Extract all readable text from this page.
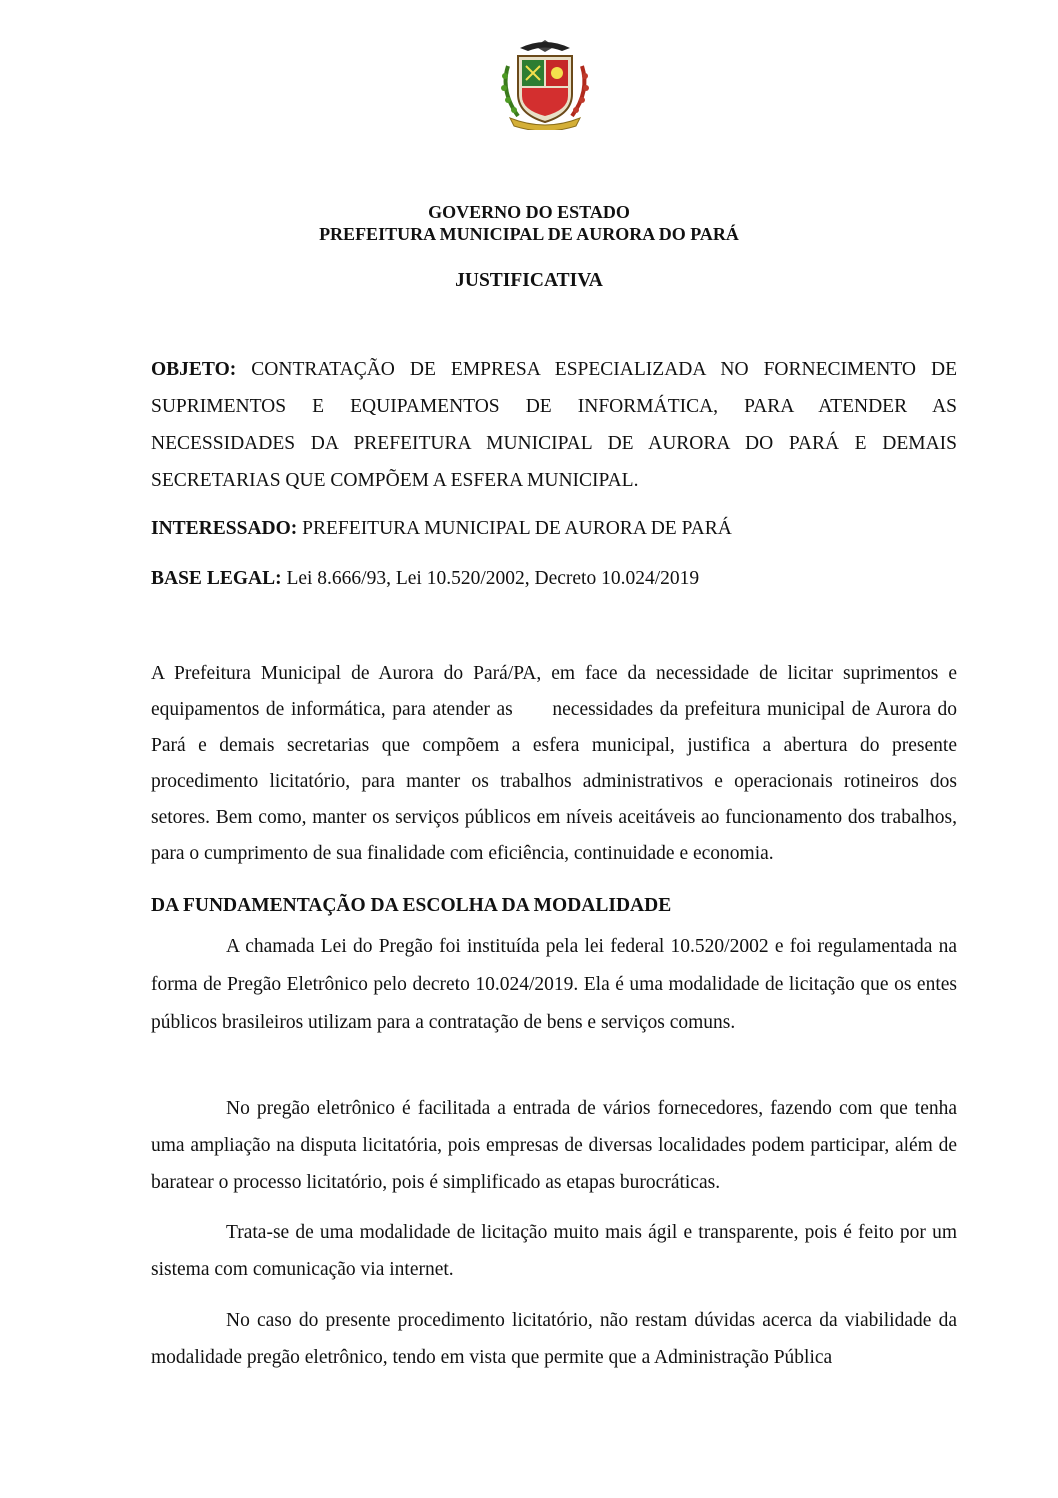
GOVERNO DO ESTADO
PREFEITURA MUNICIPAL DE AURORA DO PARÁ
JUSTIFICATIVA
OBJETO: CONTRATAÇÃO DE EMPRESA ESPECIALIZADA NO FORNECIMENTO DE SUPRIMENTOS E EQUIPAMENTOS DE INFORMÁTICA, PARA ATENDER AS NECESSIDADES DA PREFEITURA MUNICIPAL DE AURORA DO PARÁ E DEMAIS SECRETARIAS QUE COMPÕEM A ESFERA MUNICIPAL.
INTERESSADO: PREFEITURA MUNICIPAL DE AURORA DE PARÁ
BASE LEGAL: Lei 8.666/93, Lei 10.520/2002, Decreto 10.024/2019
A Prefeitura Municipal de Aurora do Pará/PA, em face da necessidade de licitar suprimentos e equipamentos de informática, para atender as      necessidades da prefeitura municipal de Aurora do Pará e demais secretarias que compõem a esfera municipal, justifica a abertura do presente procedimento licitatório, para manter os trabalhos administrativos e operacionais rotineiros dos setores. Bem como, manter os serviços públicos em níveis aceitáveis ao funcionamento dos trabalhos, para o cumprimento de sua finalidade com eficiência, continuidade e economia.
DA FUNDAMENTAÇÃO DA ESCOLHA DA MODALIDADE
A chamada Lei do Pregão foi instituída pela lei federal 10.520/2002 e foi regulamentada na forma de Pregão Eletrônico pelo decreto 10.024/2019. Ela é uma modalidade de licitação que os entes públicos brasileiros utilizam para a contratação de bens e serviços comuns.
No pregão eletrônico é facilitada a entrada de vários fornecedores, fazendo com que tenha uma ampliação na disputa licitatória, pois empresas de diversas localidades podem participar, além de baratear o processo licitatório, pois é simplificado as etapas burocráticas.
Trata-se de uma modalidade de licitação muito mais ágil e transparente, pois é feito por um sistema com comunicação via internet.
No caso do presente procedimento licitatório, não restam dúvidas acerca da viabilidade da modalidade pregão eletrônico, tendo em vista que permite que a Administração Pública
